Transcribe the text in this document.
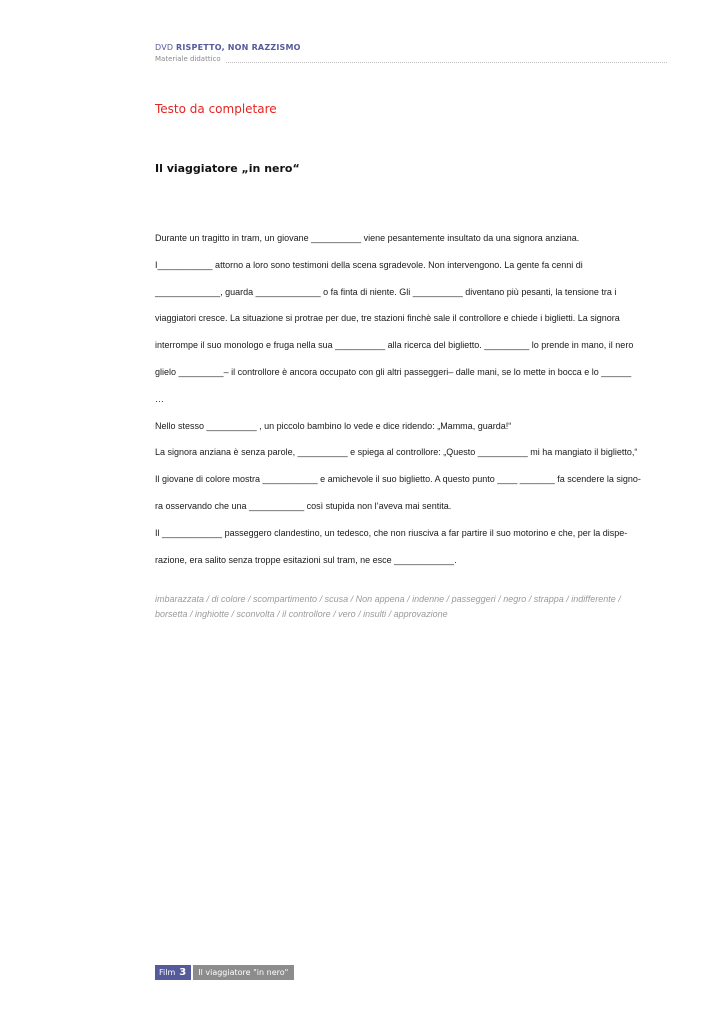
DVD RISPETTO, NON RAZZISMO
Materiale didattico
Testo da completare
Il viaggiatore „in nero“
Durante un tragitto in tram, un giovane __________ viene pesantemente insultato da una signora anziana.
I___________ attorno a loro sono testimoni della scena sgradevole. Non intervengono. La gente fa cenni di
_____________, guarda _____________ o fa finta di niente. Gli __________ diventano più pesanti, la tensione tra i
viaggiatori cresce. La situazione si protrae per due, tre stazioni finchè sale il controllore e chiede i biglietti. La signora
interrompe il suo monologo e fruga nella sua __________ alla ricerca del biglietto. _________ lo prende in mano, il nero
glielo _________– il controllore è ancora occupato con gli altri passeggeri– dalle mani, se lo mette in bocca e lo ______
…
Nello stesso __________ , un piccolo bambino lo vede e dice ridendo: „Mamma, guarda!“
La signora anziana è senza parole, __________ e spiega al controllore: „Questo __________ mi ha mangiato il biglietto,“
Il giovane di colore mostra ___________ e amichevole il suo biglietto. A questo punto ____ _______ fa scendere la signo-
ra osservando che una ___________ così stupida non l’aveva mai sentita.
Il ____________ passeggero clandestino, un tedesco, che non riusciva a far partire il suo motorino e che, per la dispe-
razione, era salito senza troppe esitazioni sul tram, ne esce ____________.
imbarazzata / di colore / scompartimento / scusa / Non appena / indenne / passeggeri / negro / strappa / indifferente /
borsetta / inghiotte / sconvolta / il controllore / vero / insulti / approvazione
Film 3	Il viaggiatore "in nero"
